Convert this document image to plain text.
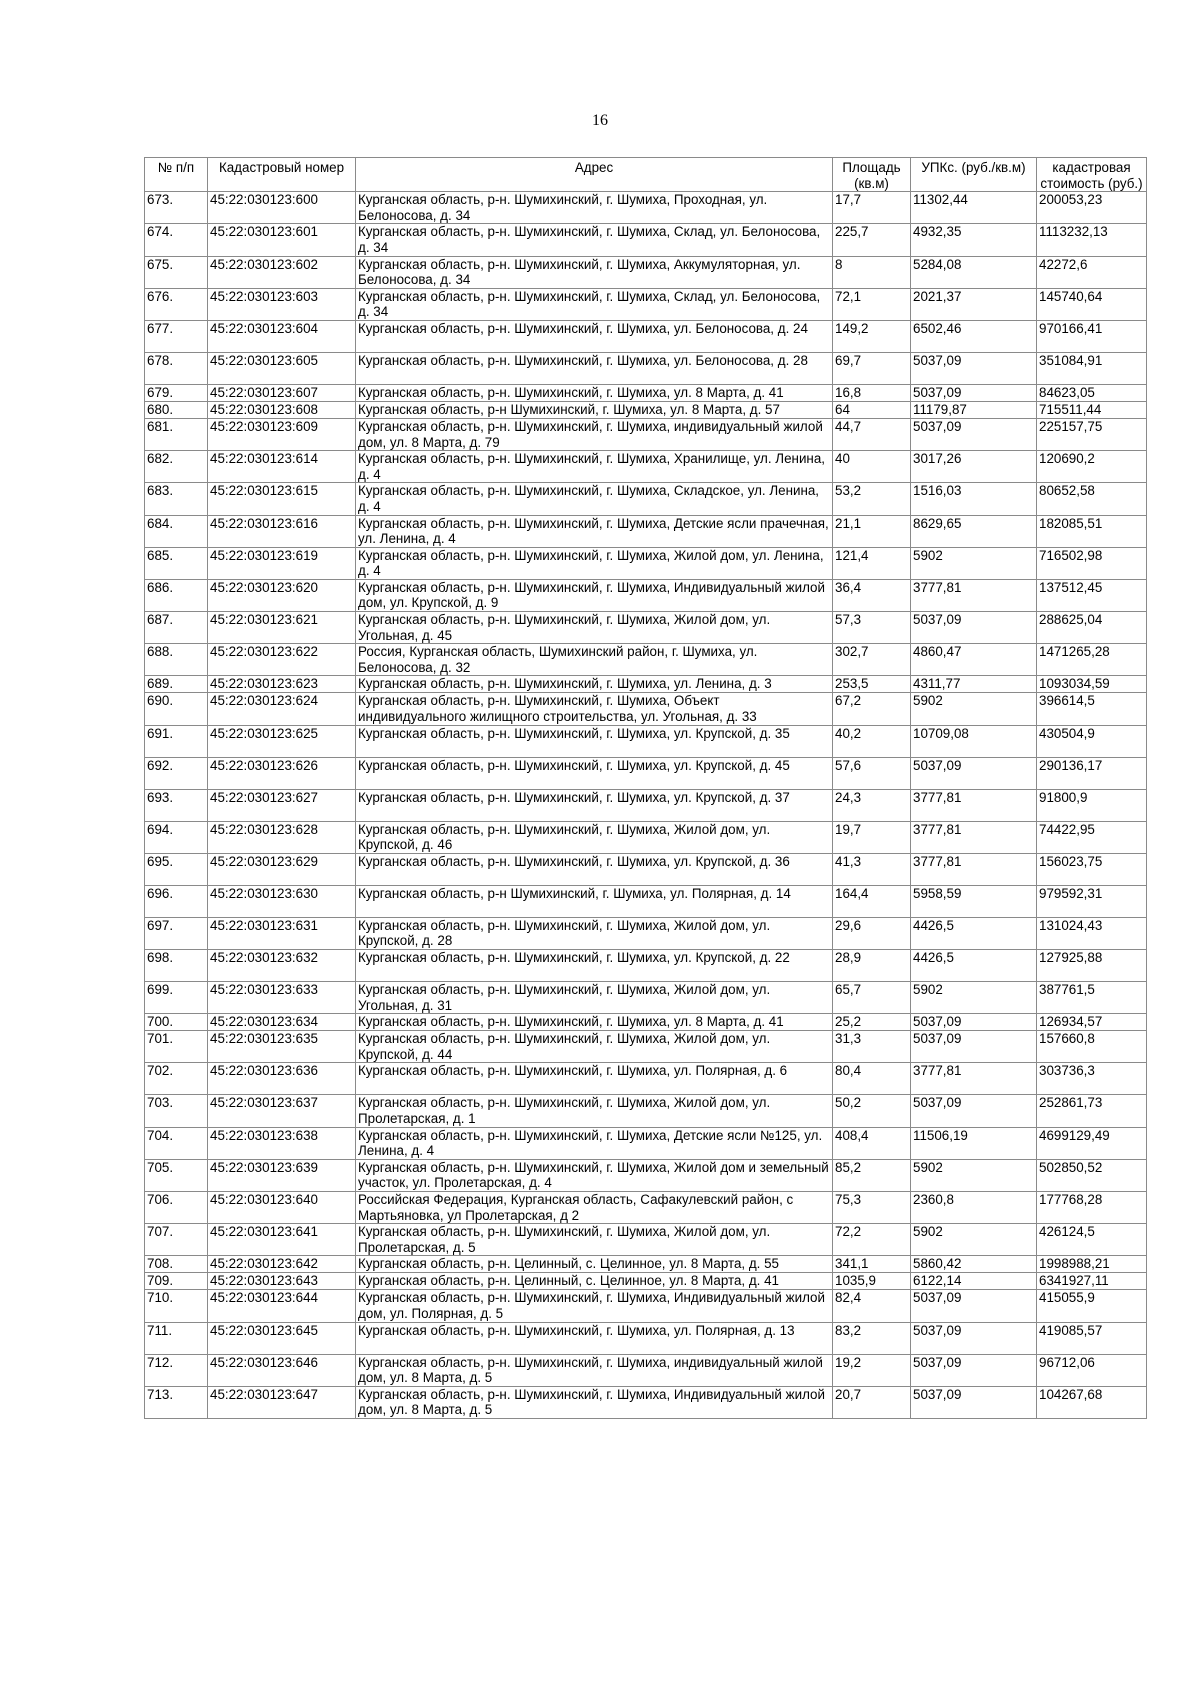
16
№ п/п	Кадастровый номер	Адрес	Площадь (кв.м)	УПКс. (руб./кв.м)	кадастровая стоимость (руб.)
673.	45:22:030123:600	Курганская область, р-н. Шумихинский, г. Шумиха, Проходная, ул. Белоносова, д. 34	17,7	11302,44	200053,23
674.	45:22:030123:601	Курганская область, р-н. Шумихинский, г. Шумиха, Склад, ул. Белоносова, д. 34	225,7	4932,35	1113232,13
675.	45:22:030123:602	Курганская область, р-н. Шумихинский, г. Шумиха, Аккумуляторная, ул. Белоносова, д. 34	8	5284,08	42272,6
676.	45:22:030123:603	Курганская область, р-н. Шумихинский, г. Шумиха, Склад, ул. Белоносова, д. 34	72,1	2021,37	145740,64
677.	45:22:030123:604	Курганская область, р-н. Шумихинский, г. Шумиха, ул. Белоносова, д. 24	149,2	6502,46	970166,41
678.	45:22:030123:605	Курганская область, р-н. Шумихинский, г. Шумиха, ул. Белоносова, д. 28	69,7	5037,09	351084,91
679.	45:22:030123:607	Курганская область, р-н. Шумихинский, г. Шумиха, ул. 8 Марта, д. 41	16,8	5037,09	84623,05
680.	45:22:030123:608	Курганская область, р-н Шумихинский, г. Шумиха, ул. 8 Марта, д. 57	64	11179,87	715511,44
681.	45:22:030123:609	Курганская область, р-н. Шумихинский, г. Шумиха, индивидуальный жилой дом, ул. 8 Марта, д. 79	44,7	5037,09	225157,75
682.	45:22:030123:614	Курганская область, р-н. Шумихинский, г. Шумиха, Хранилище, ул. Ленина, д. 4	40	3017,26	120690,2
683.	45:22:030123:615	Курганская область, р-н. Шумихинский, г. Шумиха, Складское, ул. Ленина, д. 4	53,2	1516,03	80652,58
684.	45:22:030123:616	Курганская область, р-н. Шумихинский, г. Шумиха, Детские ясли прачечная, ул. Ленина, д. 4	21,1	8629,65	182085,51
685.	45:22:030123:619	Курганская область, р-н. Шумихинский, г. Шумиха, Жилой дом, ул. Ленина, д. 4	121,4	5902	716502,98
686.	45:22:030123:620	Курганская область, р-н. Шумихинский, г. Шумиха, Индивидуальный жилой дом, ул. Крупской, д. 9	36,4	3777,81	137512,45
687.	45:22:030123:621	Курганская область, р-н. Шумихинский, г. Шумиха, Жилой дом, ул. Угольная, д. 45	57,3	5037,09	288625,04
688.	45:22:030123:622	Россия, Курганская область, Шумихинский район, г. Шумиха, ул. Белоносова, д. 32	302,7	4860,47	1471265,28
689.	45:22:030123:623	Курганская область, р-н. Шумихинский, г. Шумиха, ул. Ленина, д. 3	253,5	4311,77	1093034,59
690.	45:22:030123:624	Курганская область, р-н. Шумихинский, г. Шумиха, Объект индивидуального жилищного строительства, ул. Угольная, д. 33	67,2	5902	396614,5
691.	45:22:030123:625	Курганская область, р-н. Шумихинский, г. Шумиха, ул. Крупской, д. 35	40,2	10709,08	430504,9
692.	45:22:030123:626	Курганская область, р-н. Шумихинский, г. Шумиха, ул. Крупской, д. 45	57,6	5037,09	290136,17
693.	45:22:030123:627	Курганская область, р-н. Шумихинский, г. Шумиха, ул. Крупской, д. 37	24,3	3777,81	91800,9
694.	45:22:030123:628	Курганская область, р-н. Шумихинский, г. Шумиха, Жилой дом, ул. Крупской, д. 46	19,7	3777,81	74422,95
695.	45:22:030123:629	Курганская область, р-н. Шумихинский, г. Шумиха, ул. Крупской, д. 36	41,3	3777,81	156023,75
696.	45:22:030123:630	Курганская область, р-н Шумихинский, г. Шумиха, ул. Полярная, д. 14	164,4	5958,59	979592,31
697.	45:22:030123:631	Курганская область, р-н. Шумихинский, г. Шумиха, Жилой дом, ул. Крупской, д. 28	29,6	4426,5	131024,43
698.	45:22:030123:632	Курганская область, р-н. Шумихинский, г. Шумиха, ул. Крупской, д. 22	28,9	4426,5	127925,88
699.	45:22:030123:633	Курганская область, р-н. Шумихинский, г. Шумиха, Жилой дом, ул. Угольная, д. 31	65,7	5902	387761,5
700.	45:22:030123:634	Курганская область, р-н. Шумихинский, г. Шумиха, ул. 8 Марта, д. 41	25,2	5037,09	126934,57
701.	45:22:030123:635	Курганская область, р-н. Шумихинский, г. Шумиха, Жилой дом, ул. Крупской, д. 44	31,3	5037,09	157660,8
702.	45:22:030123:636	Курганская область, р-н. Шумихинский, г. Шумиха, ул. Полярная, д. 6	80,4	3777,81	303736,3
703.	45:22:030123:637	Курганская область, р-н. Шумихинский, г. Шумиха, Жилой дом, ул. Пролетарская, д. 1	50,2	5037,09	252861,73
704.	45:22:030123:638	Курганская область, р-н. Шумихинский, г. Шумиха, Детские ясли №125, ул. Ленина, д. 4	408,4	11506,19	4699129,49
705.	45:22:030123:639	Курганская область, р-н. Шумихинский, г. Шумиха, Жилой дом и земельный участок, ул. Пролетарская, д. 4	85,2	5902	502850,52
706.	45:22:030123:640	Российская Федерация, Курганская область, Сафакулевский район, с Мартьяновка, ул Пролетарская, д 2	75,3	2360,8	177768,28
707.	45:22:030123:641	Курганская область, р-н. Шумихинский, г. Шумиха, Жилой дом, ул. Пролетарская, д. 5	72,2	5902	426124,5
708.	45:22:030123:642	Курганская область, р-н. Целинный, с. Целинное, ул. 8 Марта, д. 55	341,1	5860,42	1998988,21
709.	45:22:030123:643	Курганская область, р-н. Целинный, с. Целинное, ул. 8 Марта, д. 41	1035,9	6122,14	6341927,11
710.	45:22:030123:644	Курганская область, р-н. Шумихинский, г. Шумиха, Индивидуальный жилой дом, ул. Полярная, д. 5	82,4	5037,09	415055,9
711.	45:22:030123:645	Курганская область, р-н. Шумихинский, г. Шумиха, ул. Полярная, д. 13	83,2	5037,09	419085,57
712.	45:22:030123:646	Курганская область, р-н. Шумихинский, г. Шумиха, индивидуальный жилой дом, ул. 8 Марта, д. 5	19,2	5037,09	96712,06
713.	45:22:030123:647	Курганская область, р-н. Шумихинский, г. Шумиха, Индивидуальный жилой дом, ул. 8 Марта, д. 5	20,7	5037,09	104267,68
